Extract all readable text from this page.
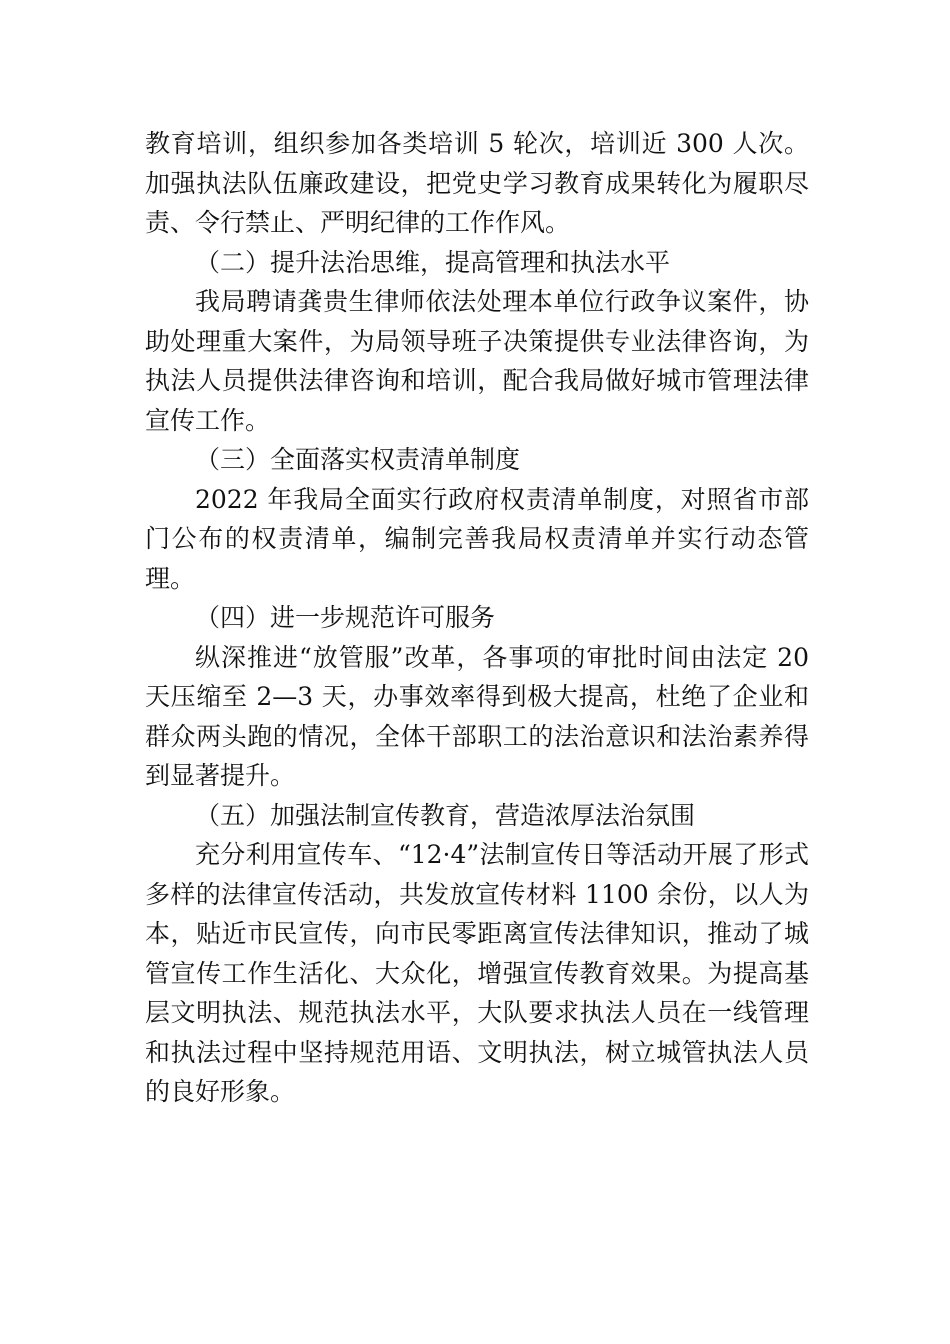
教育培训，组织参加各类培训 5 轮次，培训近 300 人次。加强执法队伍廉政建设，把党史学习教育成果转化为履职尽责、令行禁止、严明纪律的工作作风。

（二）提升法治思维，提高管理和执法水平

我局聘请龚贵生律师依法处理本单位行政争议案件，协助处理重大案件，为局领导班子决策提供专业法律咨询，为执法人员提供法律咨询和培训，配合我局做好城市管理法律宣传工作。

（三）全面落实权责清单制度

2022 年我局全面实行政府权责清单制度，对照省市部门公布的权责清单，编制完善我局权责清单并实行动态管理。

（四）进一步规范许可服务

纵深推进“放管服”改革，各事项的审批时间由法定 20 天压缩至 2—3 天，办事效率得到极大提高，杜绝了企业和群众两头跑的情况，全体干部职工的法治意识和法治素养得到显著提升。

（五）加强法制宣传教育，营造浓厚法治氛围

充分利用宣传车、“12·4”法制宣传日等活动开展了形式多样的法律宣传活动，共发放宣传材料 1100 余份，以人为本，贴近市民宣传，向市民零距离宣传法律知识，推动了城管宣传工作生活化、大众化，增强宣传教育效果。为提高基层文明执法、规范执法水平，大队要求执法人员在一线管理和执法过程中坚持规范用语、文明执法，树立城管执法人员的良好形象。
